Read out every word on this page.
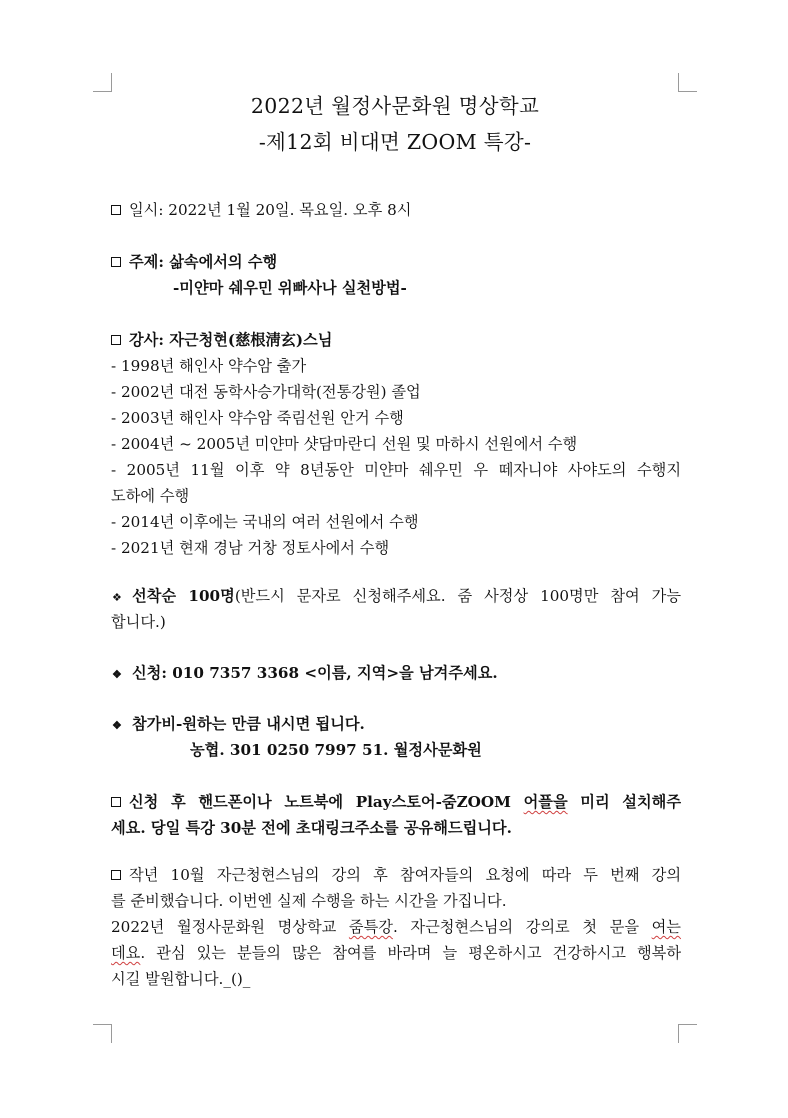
2022년 월정사문화원 명상학교
-제12회 비대면 ZOOM 특강-
일시: 2022년 1월 20일. 목요일. 오후 8시
주제: 삶속에서의 수행
-미얀마 쉐우민 위빠사나 실천방법-
강사: 자근청현(慈根淸玄)스님
- 1998년 해인사 약수암 출가
- 2002년 대전 동학사승가대학(전통강원) 졸업
- 2003년 해인사 약수암 죽림선원 안거 수행
- 2004년 ~ 2005년 미얀마 샷담마란디 선원 및 마하시 선원에서 수행
- 2005년 11월 이후 약 8년동안 미얀마 쉐우민 우 떼자니야 사야도의 수행지
도하에 수행
- 2014년 이후에는 국내의 여러 선원에서 수행
- 2021년 현재 경남 거창 정토사에서 수행
❖ 선착순 100명(반드시 문자로 신청해주세요. 줌 사정상 100명만 참여 가능
합니다.)
❖ 신청: 010 7357 3368 <이름, 지역>을 남겨주세요.
❖ 참가비-원하는 만큼 내시면 됩니다.
농협. 301 0250 7997 51. 월정사문화원
신청 후 핸드폰이나 노트북에 Play스토어-줌ZOOM 어플을 미리 설치해주
세요. 당일 특강 30분 전에 초대링크주소를 공유해드립니다.
작년 10월 자근청현스님의 강의 후 참여자들의 요청에 따라 두 번째 강의
를 준비했습니다. 이번엔 실제 수행을 하는 시간을 가집니다.
2022년 월정사문화원 명상학교 줌특강. 자근청현스님의 강의로 첫 문을 여는
데요. 관심 있는 분들의 많은 참여를 바라며 늘 평온하시고 건강하시고 행복하
시길 발원합니다._()_
